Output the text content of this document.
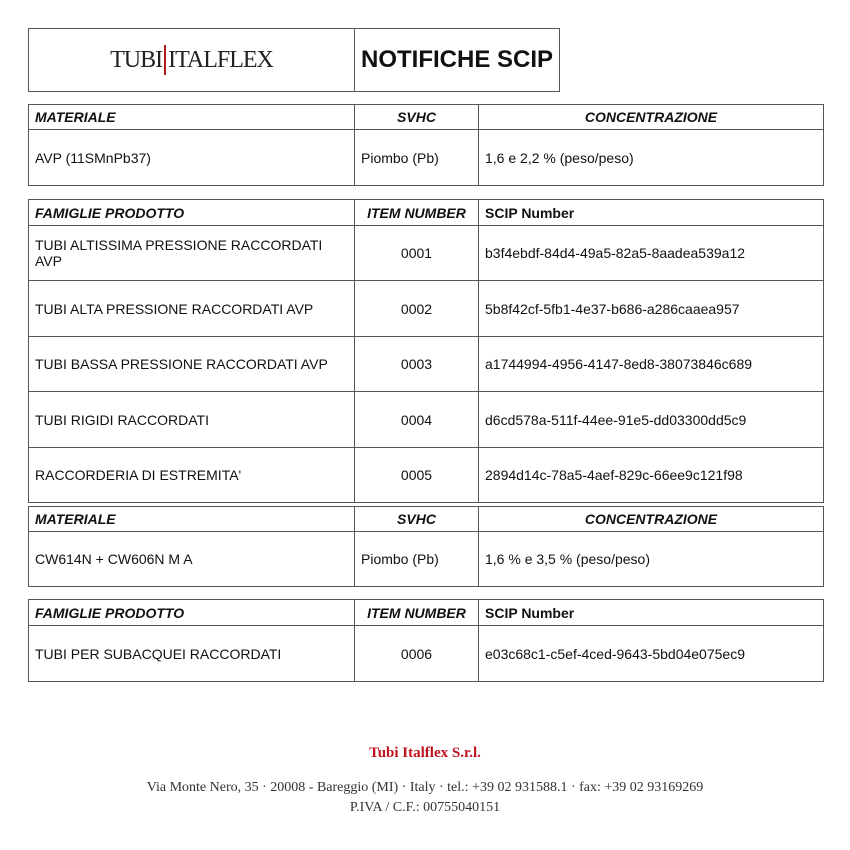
TUBI ITALFLEX	NOTIFICHE SCIP
MATERIALE	SVHC	CONCENTRAZIONE
AVP (11SMnPb37)	Piombo (Pb)	1,6 e 2,2 % (peso/peso)
FAMIGLIE PRODOTTO	ITEM NUMBER	SCIP Number
TUBI ALTISSIMA PRESSIONE RACCORDATI AVP	0001	b3f4ebdf-84d4-49a5-82a5-8aadea539a12
TUBI ALTA PRESSIONE RACCORDATI AVP	0002	5b8f42cf-5fb1-4e37-b686-a286caaea957
TUBI BASSA PRESSIONE RACCORDATI AVP	0003	a1744994-4956-4147-8ed8-38073846c689
TUBI RIGIDI RACCORDATI	0004	d6cd578a-511f-44ee-91e5-dd03300dd5c9
RACCORDERIA DI ESTREMITA'	0005	2894d14c-78a5-4aef-829c-66ee9c121f98
MATERIALE	SVHC	CONCENTRAZIONE
CW614N + CW606N M A	Piombo (Pb)	1,6 % e 3,5 % (peso/peso)
FAMIGLIE PRODOTTO	ITEM NUMBER	SCIP Number
TUBI PER SUBACQUEI RACCORDATI	0006	e03c68c1-c5ef-4ced-9643-5bd04e075ec9
Tubi Italflex S.r.l.
Via Monte Nero, 35 · 20008 - Bareggio (MI) · Italy · tel.: +39 02 931588.1 · fax: +39 02 93169269
P.IVA / C.F.: 00755040151
